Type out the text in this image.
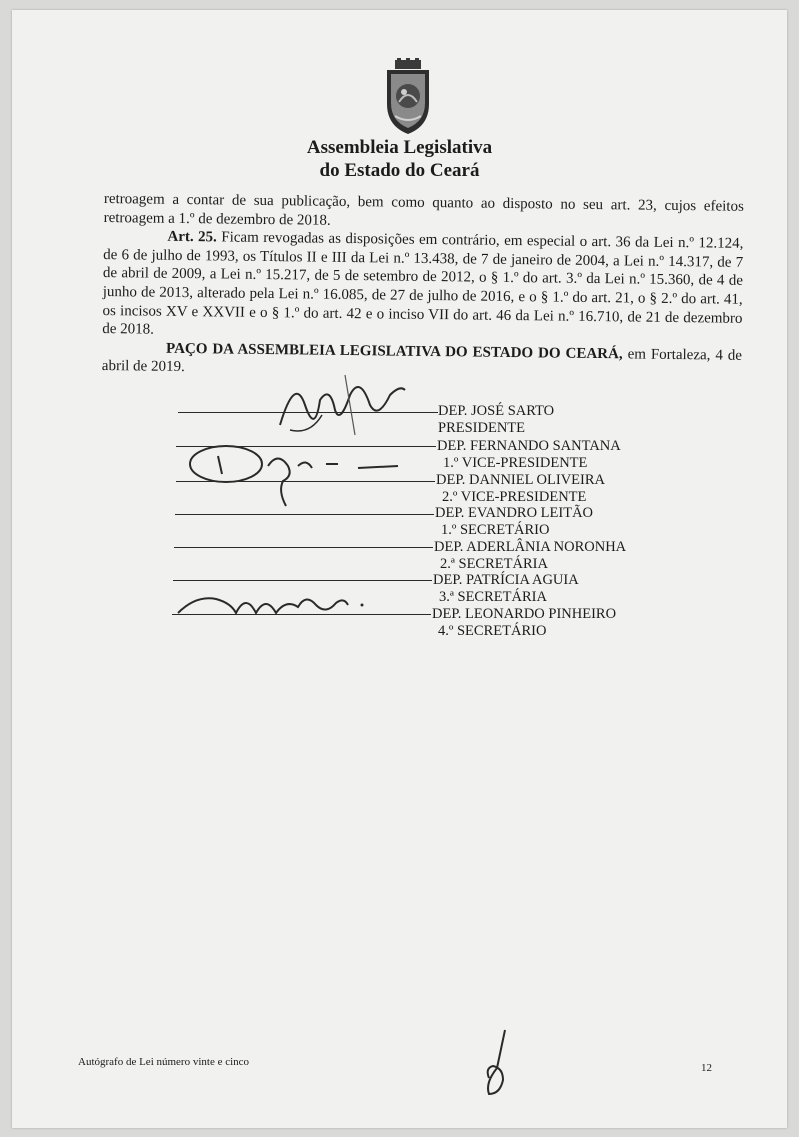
Assembleia Legislativa
do Estado do Ceará

retroagem a contar de sua publicação, bem como quanto ao disposto no seu art. 23, cujos efeitos retroagem a 1.º de dezembro de 2018.

Art. 25. Ficam revogadas as disposições em contrário, em especial o art. 36 da Lei n.º 12.124, de 6 de julho de 1993, os Títulos II e III da Lei n.º 13.438, de 7 de janeiro de 2004, a Lei n.º 14.317, de 7 de abril de 2009, a Lei n.º 15.217, de 5 de setembro de 2012, o § 1.º do art. 3.º da Lei n.º 15.360, de 4 de junho de 2013, alterado pela Lei n.º 16.085, de 27 de julho de 2016, e o § 1.º do art. 21, o § 2.º do art. 41, os incisos XV e XXVII e o § 1.º do art. 42 e o inciso VII do art. 46 da Lei n.º 16.710, de 21 de dezembro de 2018.

PAÇO DA ASSEMBLEIA LEGISLATIVA DO ESTADO DO CEARÁ, em Fortaleza, 4 de abril de 2019.

DEP. JOSÉ SARTO
PRESIDENTE
DEP. FERNANDO SANTANA
1.º VICE-PRESIDENTE
DEP. DANNIEL OLIVEIRA
2.º VICE-PRESIDENTE
DEP. EVANDRO LEITÃO
1.º SECRETÁRIO
DEP. ADERLÂNIA NORONHA
2.ª SECRETÁRIA
DEP. PATRÍCIA AGUIA
3.ª SECRETÁRIA
DEP. LEONARDO PINHEIRO
4.º SECRETÁRIO
Autógrafo de Lei número vinte e cinco	12
